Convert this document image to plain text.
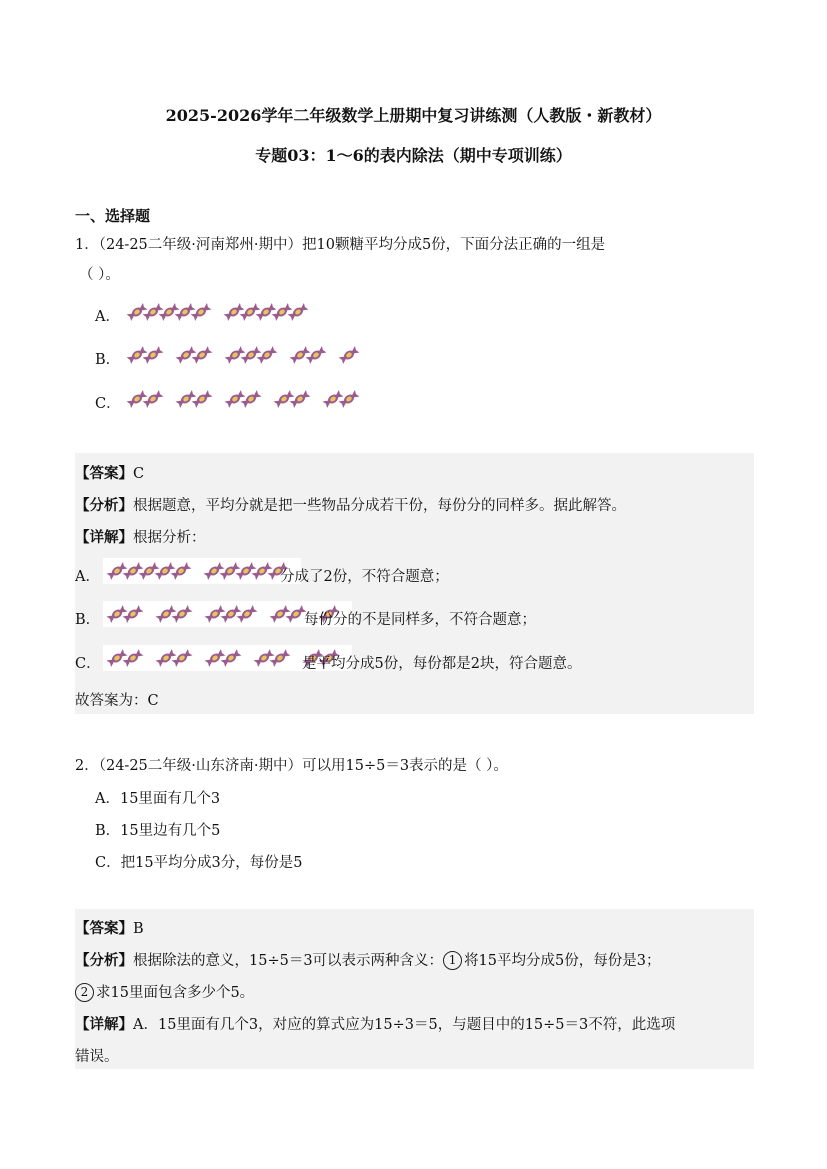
2025-2026学年二年级数学上册期中复习讲练测（人教版・新教材）
专题03：1～6的表内除法（期中专项训练）
一、选择题
1．（24-25二年级·河南郑州·期中）把10颗糖平均分成5份，下面分法正确的一组是
（ ）。
A．
B．
C．
【答案】C
【分析】根据题意，平均分就是把一些物品分成若干份，每份分的同样多。据此解答。
【详解】根据分析：
A．	分成了2份，不符合题意；
B．	每份分的不是同样多，不符合题意；
C．	是平均分成5份，每份都是2块，符合题意。
故答案为：C
2．（24-25二年级·山东济南·期中）可以用15÷5＝3表示的是（ ）。
A．15里面有几个3
B．15里边有几个5
C．把15平均分成3分，每份是5
【答案】B
【分析】根据除法的意义，15÷5＝3可以表示两种含义： 1 将15平均分成5份，每份是3；
2 求15里面包含多少个5。
【详解】A．15里面有几个3，对应的算式应为15÷3＝5，与题目中的15÷5＝3不符，此选项
错误。
